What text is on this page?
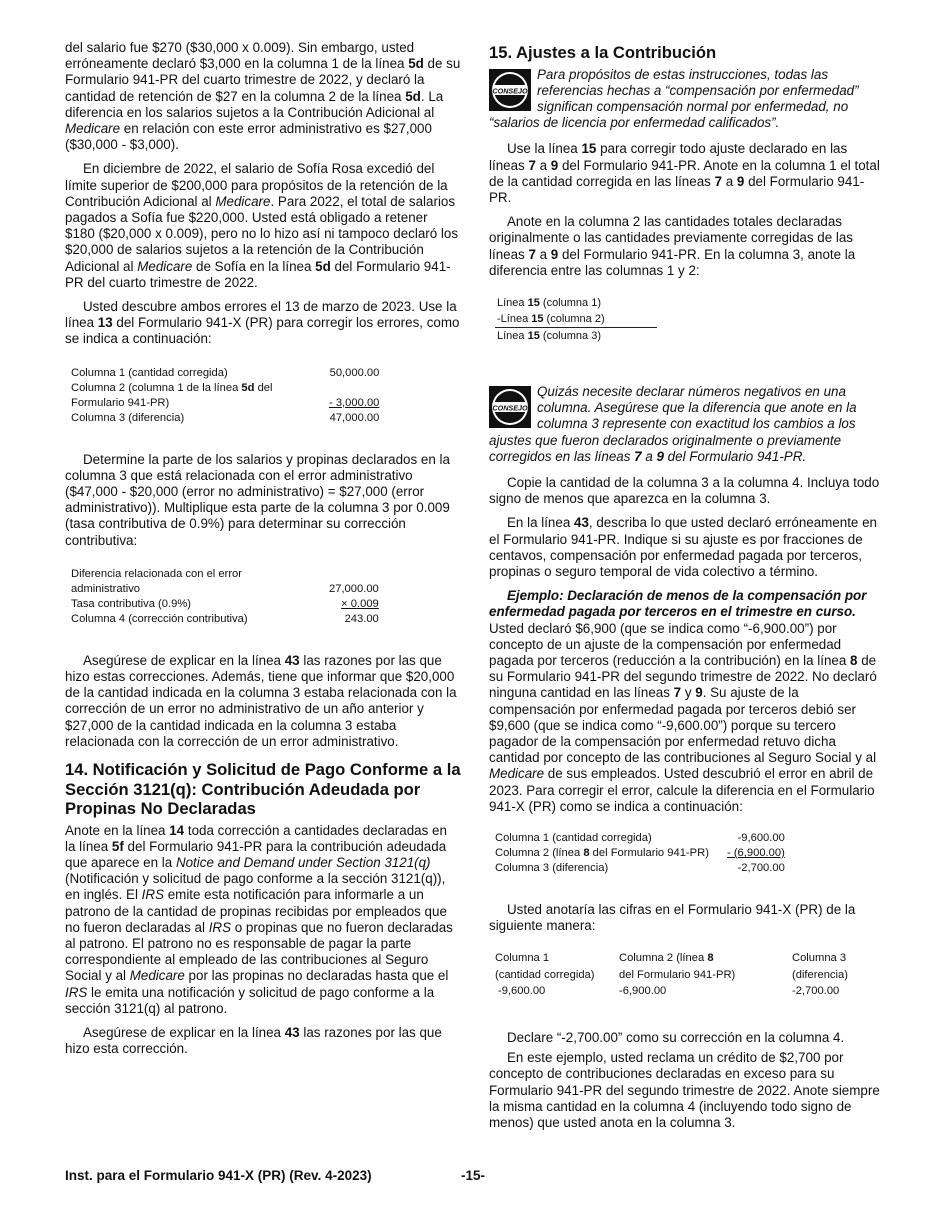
del salario fue $270 ($30,000 x 0.009). Sin embargo, usted erróneamente declaró $3,000 en la columna 1 de la línea 5d de su Formulario 941-PR del cuarto trimestre de 2022, y declaró la cantidad de retención de $27 en la columna 2 de la línea 5d. La diferencia en los salarios sujetos a la Contribución Adicional al Medicare en relación con este error administrativo es $27,000 ($30,000 - $3,000).

En diciembre de 2022, el salario de Sofía Rosa excedió del límite superior de $200,000 para propósitos de la retención de la Contribución Adicional al Medicare. Para 2022, el total de salarios pagados a Sofía fue $220,000. Usted está obligado a retener $180 ($20,000 x 0.009), pero no lo hizo así ni tampoco declaró los $20,000 de salarios sujetos a la retención de la Contribución Adicional al Medicare de Sofía en la línea 5d del Formulario 941-PR del cuarto trimestre de 2022.

Usted descubre ambos errores el 13 de marzo de 2023. Use la línea 13 del Formulario 941-X (PR) para corregir los errores, como se indica a continuación:

Columna 1 (cantidad corregida)	50,000.00
Columna 2 (columna 1 de la línea 5d del
Formulario 941-PR)	- 3,000.00
Columna 3 (diferencia)	47,000.00

Determine la parte de los salarios y propinas declarados en la columna 3 que está relacionada con el error administrativo ($47,000 - $20,000 (error no administrativo) = $27,000 (error administrativo)). Multiplique esta parte de la columna 3 por 0.009 (tasa contributiva de 0.9%) para determinar su corrección contributiva:

Diferencia relacionada con el error
administrativo	27,000.00
Tasa contributiva (0.9%)	× 0.009
Columna 4 (corrección contributiva)	243.00

Asegúrese de explicar en la línea 43 las razones por las que hizo estas correcciones. Además, tiene que informar que $20,000 de la cantidad indicada en la columna 3 estaba relacionada con la corrección de un error no administrativo de un año anterior y $27,000 de la cantidad indicada en la columna 3 estaba relacionada con la corrección de un error administrativo.

14. Notificación y Solicitud de Pago Conforme a la Sección 3121(q): Contribución Adeudada por Propinas No Declaradas

Anote en la línea 14 toda corrección a cantidades declaradas en la línea 5f del Formulario 941-PR para la contribución adeudada que aparece en la Notice and Demand under Section 3121(q) (Notificación y solicitud de pago conforme a la sección 3121(q)), en inglés. El IRS emite esta notificación para informarle a un patrono de la cantidad de propinas recibidas por empleados que no fueron declaradas al IRS o propinas que no fueron declaradas al patrono. El patrono no es responsable de pagar la parte correspondiente al empleado de las contribuciones al Seguro Social y al Medicare por las propinas no declaradas hasta que el IRS le emita una notificación y solicitud de pago conforme a la sección 3121(q) al patrono.

Asegúrese de explicar en la línea 43 las razones por las que hizo esta corrección.

15. Ajustes a la Contribución
CONSEJO
Para propósitos de estas instrucciones, todas las
referencias hechas a “compensación por enfermedad”
significan compensación normal por enfermedad, no
“salarios de licencia por enfermedad calificados”.

Use la línea 15 para corregir todo ajuste declarado en las líneas 7 a 9 del Formulario 941-PR. Anote en la columna 1 el total de la cantidad corregida en las líneas 7 a 9 del Formulario 941-PR.

Anote en la columna 2 las cantidades totales declaradas originalmente o las cantidades previamente corregidas de las líneas 7 a 9 del Formulario 941-PR. En la columna 3, anote la diferencia entre las columnas 1 y 2:

Línea 15 (columna 1)
-Línea 15 (columna 2)
Línea 15 (columna 3)
CONSEJO
Quizás necesite declarar números negativos en una
columna. Asegúrese que la diferencia que anote en la
columna 3 represente con exactitud los cambios a los
ajustes que fueron declarados originalmente o previamente
corregidos en las líneas 7 a 9 del Formulario 941-PR.

Copie la cantidad de la columna 3 a la columna 4. Incluya todo signo de menos que aparezca en la columna 3.

En la línea 43, describa lo que usted declaró erróneamente en el Formulario 941-PR. Indique si su ajuste es por fracciones de centavos, compensación por enfermedad pagada por terceros, propinas o seguro temporal de vida colectivo a término.

Ejemplo: Declaración de menos de la compensación por enfermedad pagada por terceros en el trimestre en curso. Usted declaró $6,900 (que se indica como “-6,900.00”) por concepto de un ajuste de la compensación por enfermedad pagada por terceros (reducción a la contribución) en la línea 8 de su Formulario 941-PR del segundo trimestre de 2022. No declaró ninguna cantidad en las líneas 7 y 9. Su ajuste de la compensación por enfermedad pagada por terceros debió ser $9,600 (que se indica como “-9,600.00”) porque su tercero pagador de la compensación por enfermedad retuvo dicha cantidad por concepto de las contribuciones al Seguro Social y al Medicare de sus empleados. Usted descubrió el error en abril de 2023. Para corregir el error, calcule la diferencia en el Formulario 941-X (PR) como se indica a continuación:

Columna 1 (cantidad corregida)	-9,600.00
Columna 2 (línea 8 del Formulario 941-PR)	- (6,900.00)
Columna 3 (diferencia)	-2,700.00

Usted anotaría las cifras en el Formulario 941-X (PR) de la siguiente manera:

Columna 1	Columna 2 (línea 8	Columna 3
(cantidad corregida)	del Formulario 941-PR)	(diferencia)
-9,600.00	-6,900.00	-2,700.00

Declare “-2,700.00” como su corrección en la columna 4.

En este ejemplo, usted reclama un crédito de $2,700 por concepto de contribuciones declaradas en exceso para su Formulario 941-PR del segundo trimestre de 2022. Anote siempre la misma cantidad en la columna 4 (incluyendo todo signo de menos) que usted anota en la columna 3.

Inst. para el Formulario 941-X (PR) (Rev. 4-2023)	-15-
